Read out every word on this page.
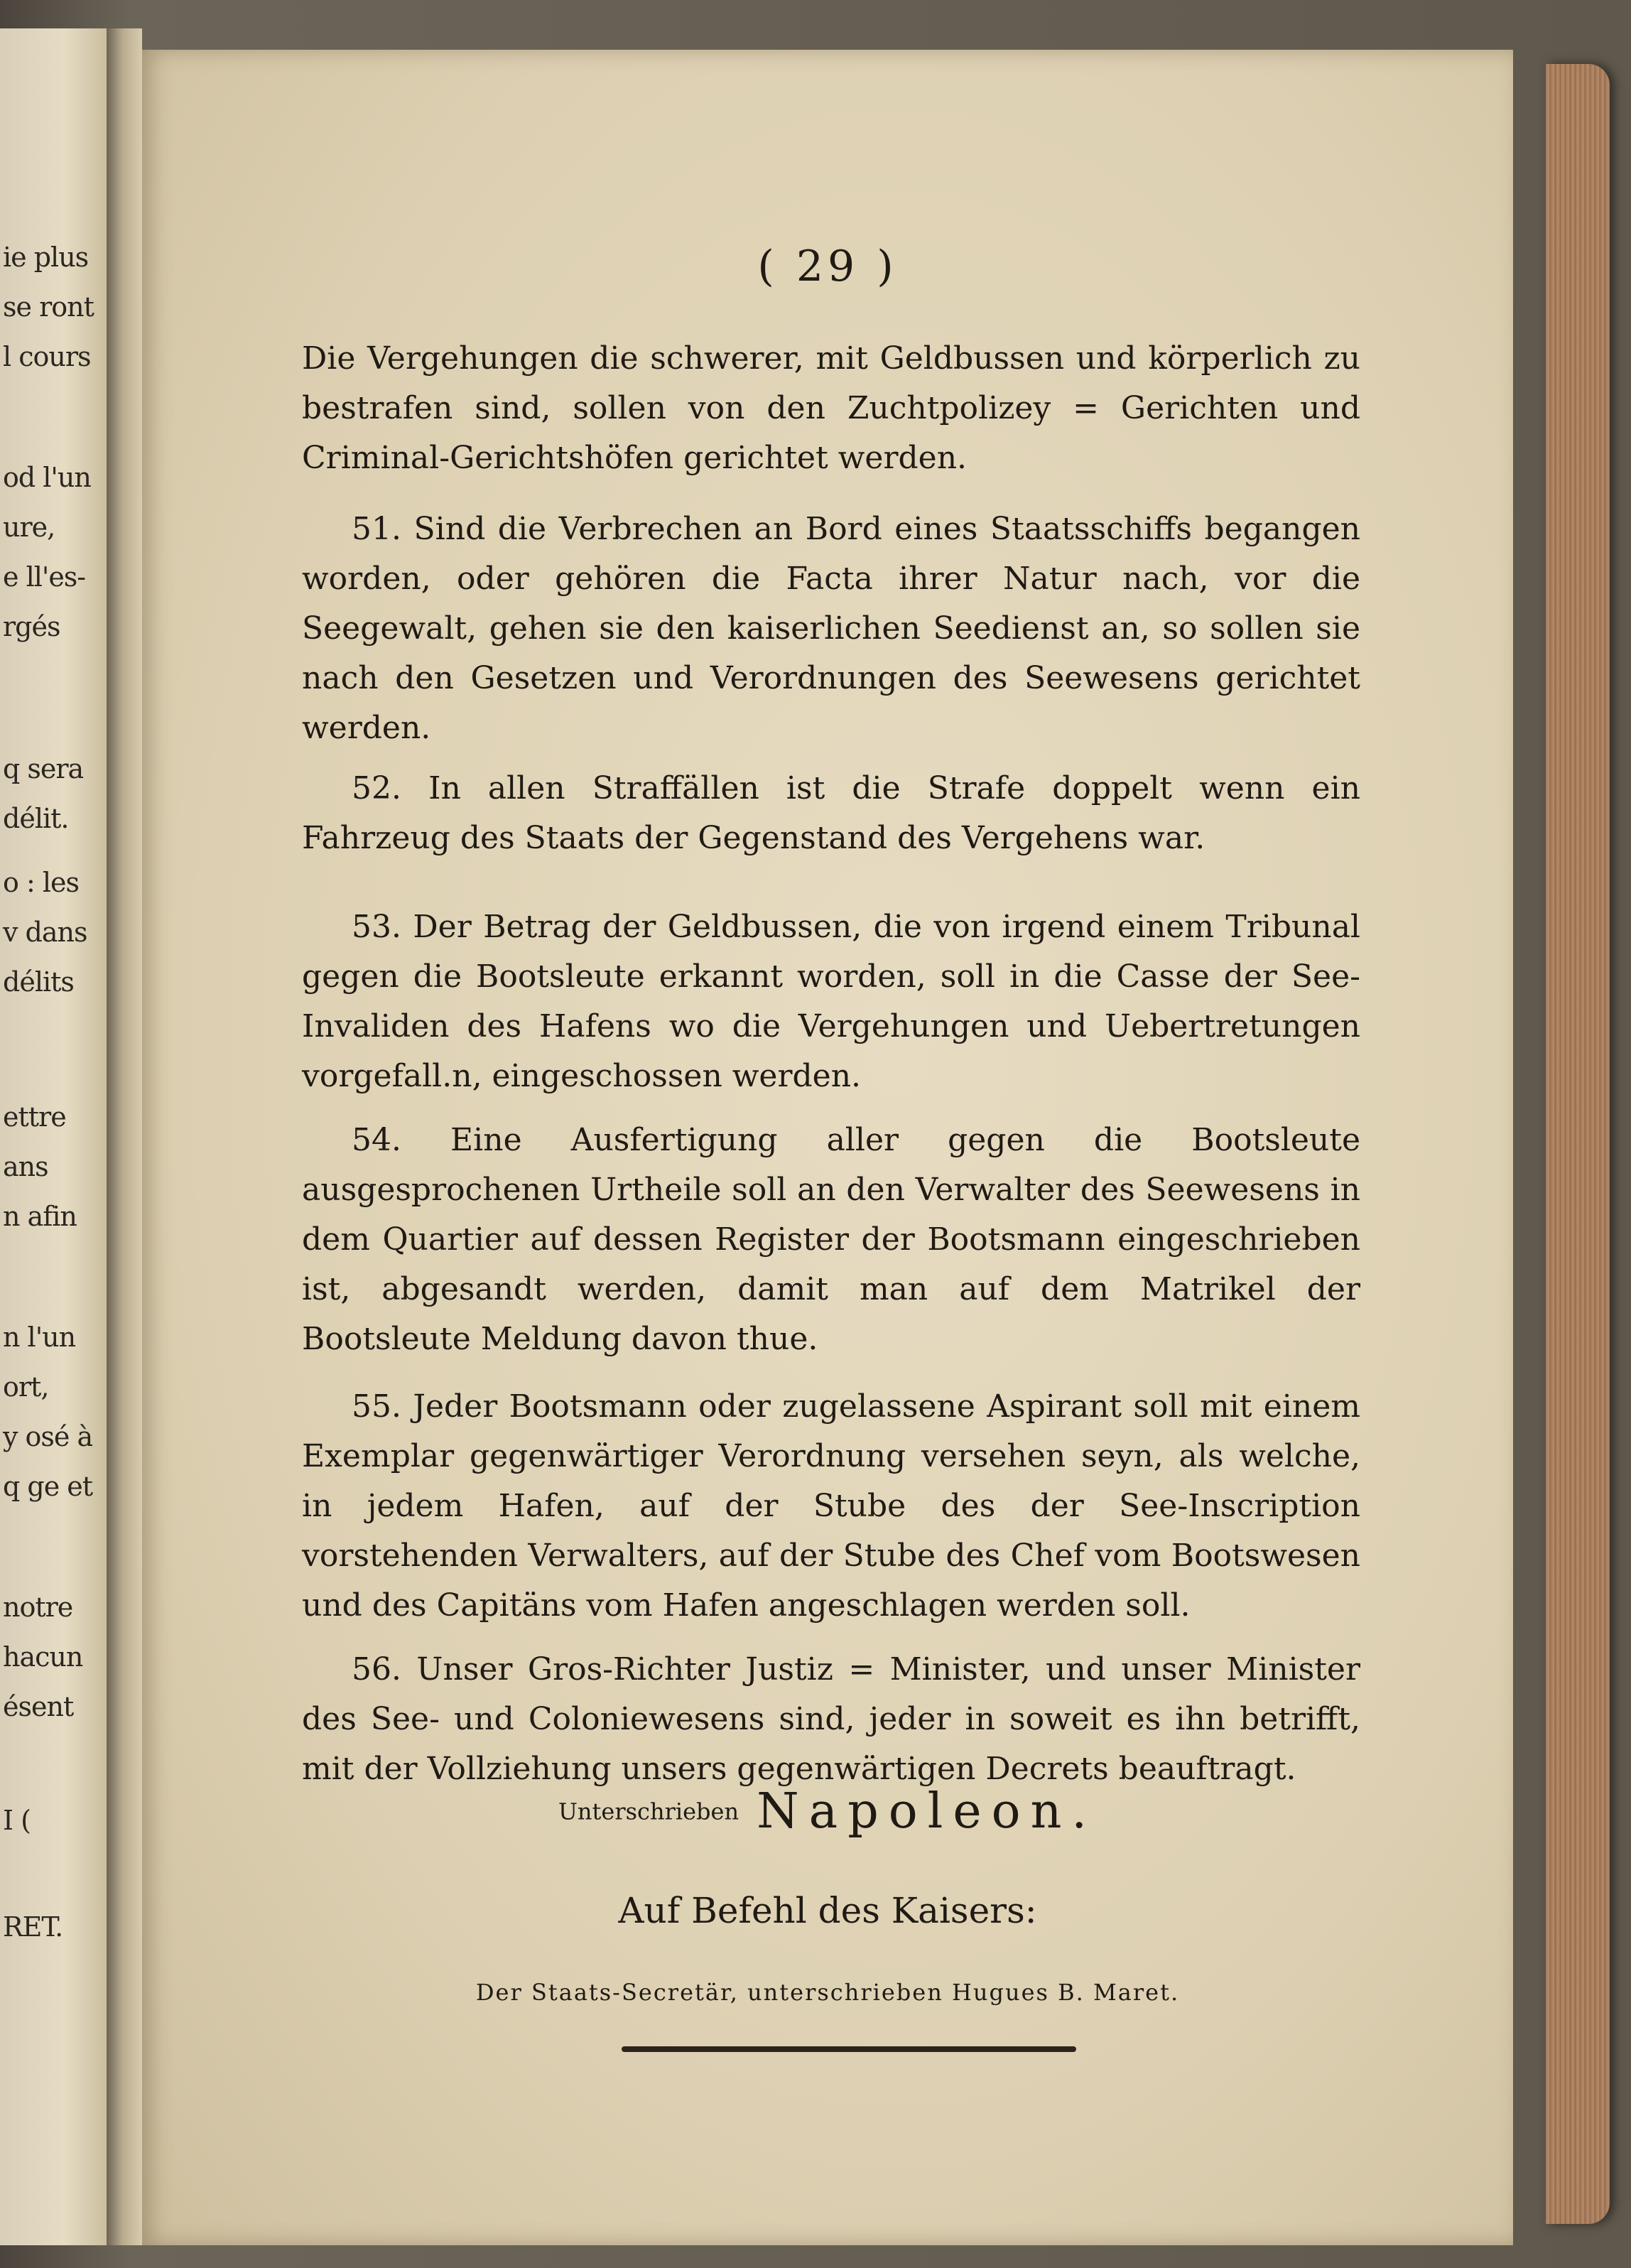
ie plus
se ront
l cours
od l'un
ure,
e ll'es-
rgés
q sera
délit.
o : les
v dans
délits
ettre
ans
n afin
n l'un
ort,
y osé à
q ge et
notre
hacun
ésent
I (
RET.
( 29 )
Die Vergehungen die schwerer, mit Geldbussen und körperlich zu bestrafen sind, sollen von den Zuchtpolizey = Gerichten und Criminal-Gerichtshöfen gerichtet werden.
51. Sind die Verbrechen an Bord eines Staatsschiffs begangen worden, oder gehören die Facta ihrer Natur nach, vor die Seegewalt, gehen sie den kaiserlichen Seedienst an, so sollen sie nach den Gesetzen und Verordnungen des Seewesens gerichtet werden.
52. In allen Straffällen ist die Strafe doppelt wenn ein Fahrzeug des Staats der Gegenstand des Vergehens war.
53. Der Betrag der Geldbussen, die von irgend einem Tribunal gegen die Bootsleute erkannt worden, soll in die Casse der See-Invaliden des Hafens wo die Vergehungen und Uebertretungen vorgefall.n, eingeschossen werden.
54. Eine Ausfertigung aller gegen die Bootsleute ausgesprochenen Urtheile soll an den Verwalter des Seewesens in dem Quartier auf dessen Register der Bootsmann eingeschrieben ist, abgesandt werden, damit man auf dem Matrikel der Bootsleute Meldung davon thue.
55. Jeder Bootsmann oder zugelassene Aspirant soll mit einem Exemplar gegenwärtiger Verordnung versehen seyn, als welche, in jedem Hafen, auf der Stube des der See-Inscription vorstehenden Verwalters, auf der Stube des Chef vom Bootswesen und des Capitäns vom Hafen angeschlagen werden soll.
56. Unser Gros-Richter Justiz = Minister, und unser Minister des See- und Coloniewesens sind, jeder in soweit es ihn betrifft, mit der Vollziehung unsers gegenwärtigen Decrets beauftragt.
Unterschrieben Napoleon.
Auf Befehl des Kaisers:
Der Staats-Secretär, unterschrieben Hugues B. Maret.
